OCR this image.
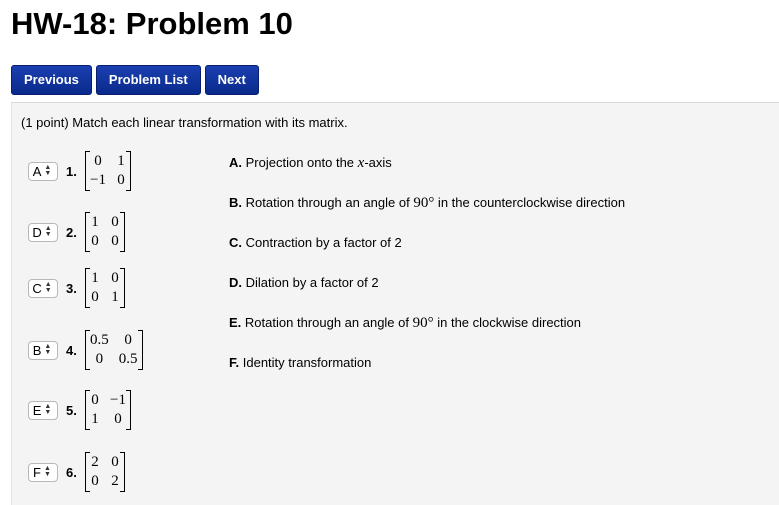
HW-18: Problem 10
Previous	Problem List	Next
(1 point) Match each linear transformation with its matrix.
A ▲
▼ 1.
0 1
−1 0
D ▲
▼ 2.
1 0
0 0
C ▲
▼ 3.
1 0
0 1
B ▲
▼ 4.
0.5	0
0	0.5
E ▲
▼ 5.
0 −1
1 0
F ▲
▼ 6.
2 0
0 2
A. Projection onto the x-axis
B. Rotation through an angle of 90° in the counterclockwise direction
C. Contraction by a factor of 2
D. Dilation by a factor of 2
E. Rotation through an angle of 90° in the clockwise direction
F. Identity transformation
